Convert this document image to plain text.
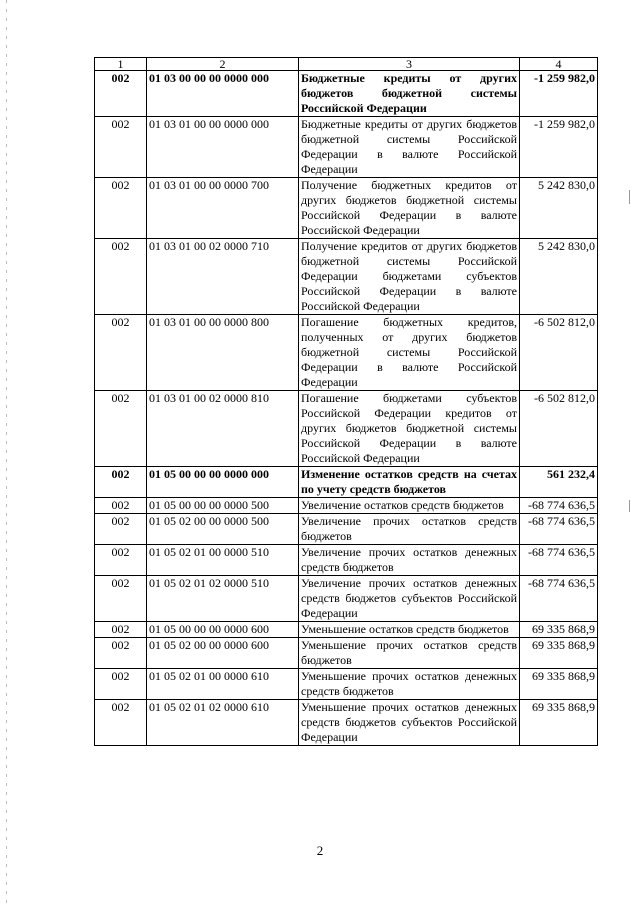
1	2	3	4
002	01 03 00 00 00 0000 000	Бюджетные кредиты от других бюджетов бюджетной системы Российской Федерации	-1 259 982,0
002	01 03 01 00 00 0000 000	Бюджетные кредиты от других бюджетов бюджетной системы Российской Федерации в валюте Российской Федерации	-1 259 982,0
002	01 03 01 00 00 0000 700	Получение бюджетных кредитов от других бюджетов бюджетной системы Российской Федерации в валюте Российской Федерации	5 242 830,0
002	01 03 01 00 02 0000 710	Получение кредитов от других бюджетов бюджетной системы Российской Федерации бюджетами субъектов Российской Федерации в валюте Российской Федерации	5 242 830,0
002	01 03 01 00 00 0000 800	Погашение бюджетных кредитов, полученных от других бюджетов бюджетной системы Российской Федерации в валюте Российской Федерации	-6 502 812,0
002	01 03 01 00 02 0000 810	Погашение бюджетами субъектов Российской Федерации кредитов от других бюджетов бюджетной системы Российской Федерации в валюте Российской Федерации	-6 502 812,0
002	01 05 00 00 00 0000 000	Изменение остатков средств на счетах по учету средств бюджетов	561 232,4
002	01 05 00 00 00 0000 500	Увеличение остатков средств бюджетов	-68 774 636,5
002	01 05 02 00 00 0000 500	Увеличение прочих остатков средств бюджетов	-68 774 636,5
002	01 05 02 01 00 0000 510	Увеличение прочих остатков денежных средств бюджетов	-68 774 636,5
002	01 05 02 01 02 0000 510	Увеличение прочих остатков денежных средств бюджетов субъектов Российской Федерации	-68 774 636,5
002	01 05 00 00 00 0000 600	Уменьшение остатков средств бюджетов	69 335 868,9
002	01 05 02 00 00 0000 600	Уменьшение прочих остатков средств бюджетов	69 335 868,9
002	01 05 02 01 00 0000 610	Уменьшение прочих остатков денежных средств бюджетов	69 335 868,9
002	01 05 02 01 02 0000 610	Уменьшение прочих остатков денежных средств бюджетов субъектов Российской Федерации	69 335 868,9
2
